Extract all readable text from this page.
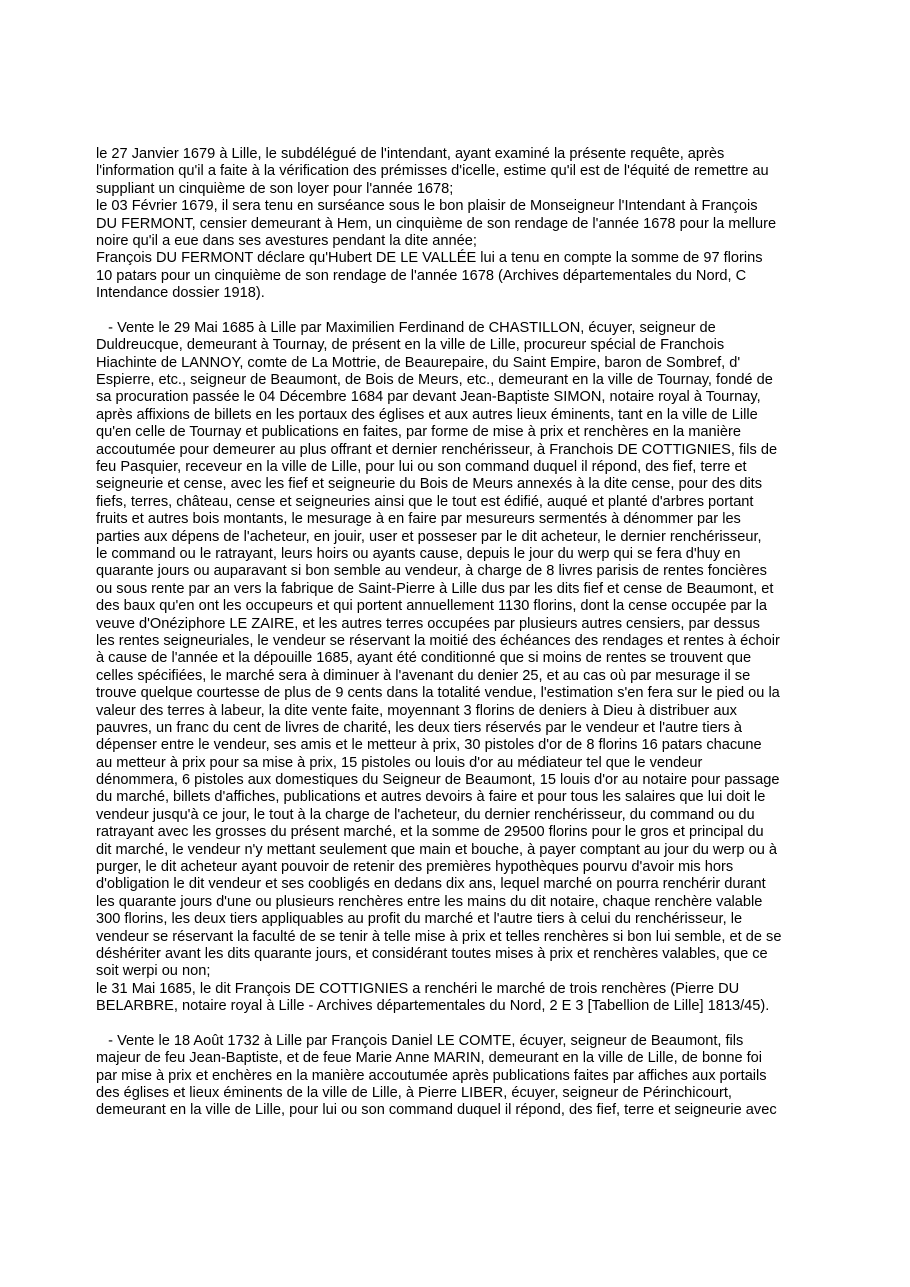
le 27 Janvier 1679 à Lille, le subdélégué de l'intendant, ayant examiné la présente requête, après
l'information qu'il a faite à la vérification des prémisses d'icelle, estime qu'il est de l'équité de remettre au
suppliant un cinquième de son loyer pour l'année 1678;
le 03 Février 1679, il sera tenu en surséance sous le bon plaisir de Monseigneur l'Intendant à François
DU FERMONT, censier demeurant à Hem, un cinquième de son rendage de l'année 1678 pour la mellure
noire qu'il a eue dans ses avestures pendant la dite année;
François DU FERMONT déclare qu'Hubert DE LE VALLÉE lui a tenu en compte la somme de 97 florins
10 patars pour un cinquième de son rendage de l'année 1678 (Archives départementales du Nord, C
Intendance dossier 1918).
- Vente le 29 Mai 1685 à Lille par Maximilien Ferdinand de CHASTILLON, écuyer, seigneur de
Duldreucque, demeurant à Tournay, de présent en la ville de Lille, procureur spécial de Franchois
Hiachinte de LANNOY, comte de La Mottrie, de Beaurepaire, du Saint Empire, baron de Sombref, d'
Espierre, etc., seigneur de Beaumont, de Bois de Meurs, etc., demeurant en la ville de Tournay, fondé de
sa procuration passée le 04 Décembre 1684 par devant Jean-Baptiste SIMON, notaire royal à Tournay,
après affixions de billets en les portaux des églises et aux autres lieux éminents, tant en la ville de Lille
qu'en celle de Tournay et publications en faites, par forme de mise à prix et renchères en la manière
accoutumée pour demeurer au plus offrant et dernier renchérisseur, à Franchois DE COTTIGNIES, fils de
feu Pasquier, receveur en la ville de Lille, pour lui ou son command duquel il répond, des fief, terre et
seigneurie et cense, avec les fief et seigneurie du Bois de Meurs annexés à la dite cense, pour des dits
fiefs, terres, château, cense et seigneuries ainsi que le tout est édifié, auqué et planté d'arbres portant
fruits et autres bois montants, le mesurage à en faire par mesureurs sermentés à dénommer par les
parties aux dépens de l'acheteur, en jouir, user et posseser par le dit acheteur, le dernier renchérisseur,
le command ou le ratrayant, leurs hoirs ou ayants cause, depuis le jour du werp qui se fera d'huy en
quarante jours ou auparavant si bon semble au vendeur, à charge de 8 livres parisis de rentes foncières
ou sous rente par an vers la fabrique de Saint-Pierre à Lille dus par les dits fief et cense de Beaumont, et
des baux qu'en ont les occupeurs et qui portent annuellement 1130 florins, dont la cense occupée par la
veuve d'Onéziphore LE ZAIRE, et les autres terres occupées par plusieurs autres censiers, par dessus
les rentes seigneuriales, le vendeur se réservant la moitié des échéances des rendages et rentes à échoir
à cause de l'année et la dépouille 1685, ayant été conditionné que si moins de rentes se trouvent que
celles spécifiées, le marché sera à diminuer à l'avenant du denier 25, et au cas où par mesurage il se
trouve quelque courtesse de plus de 9 cents dans la totalité vendue, l'estimation s'en fera sur le pied ou la
valeur des terres à labeur, la dite vente faite, moyennant 3 florins de deniers à Dieu à distribuer aux
pauvres, un franc du cent de livres de charité, les deux tiers réservés par le vendeur et l'autre tiers à
dépenser entre le vendeur, ses amis et le metteur à prix, 30 pistoles d'or de 8 florins 16 patars chacune
au metteur à prix pour sa mise à prix, 15 pistoles ou louis d'or au médiateur tel que le vendeur
dénommera, 6 pistoles aux domestiques du Seigneur de Beaumont, 15 louis d'or au notaire pour passage
du marché, billets d'affiches, publications et autres devoirs à faire et pour tous les salaires que lui doit le
vendeur jusqu'à ce jour, le tout à la charge de l'acheteur, du dernier renchérisseur, du command ou du
ratrayant avec les grosses du présent marché, et la somme de 29500 florins pour le gros et principal du
dit marché, le vendeur n'y mettant seulement que main et bouche, à payer comptant au jour du werp ou à
purger, le dit acheteur ayant pouvoir de retenir des premières hypothèques pourvu d'avoir mis hors
d'obligation le dit vendeur et ses coobligés en dedans dix ans, lequel marché on pourra renchérir durant
les quarante jours d'une ou plusieurs renchères entre les mains du dit notaire, chaque renchère valable
300 florins, les deux tiers appliquables au profit du marché et l'autre tiers à celui du renchérisseur, le
vendeur se réservant la faculté de se tenir à telle mise à prix et telles renchères si bon lui semble, et de se
déshériter avant les dits quarante jours, et considérant toutes mises à prix et renchères valables, que ce
soit werpi ou non;
le 31 Mai 1685, le dit François DE COTTIGNIES a renchéri le marché de trois renchères (Pierre DU
BELARBRE, notaire royal à Lille - Archives départementales du Nord, 2 E 3 [Tabellion de Lille] 1813/45).
- Vente le 18 Août 1732 à Lille par François Daniel LE COMTE, écuyer, seigneur de Beaumont, fils
majeur de feu Jean-Baptiste, et de feue Marie Anne MARIN, demeurant en la ville de Lille, de bonne foi
par mise à prix et enchères en la manière accoutumée après publications faites par affiches aux portails
des églises et lieux éminents de la ville de Lille, à Pierre LIBER, écuyer, seigneur de Périnchicourt,
demeurant en la ville de Lille, pour lui ou son command duquel il répond, des fief, terre et seigneurie avec
